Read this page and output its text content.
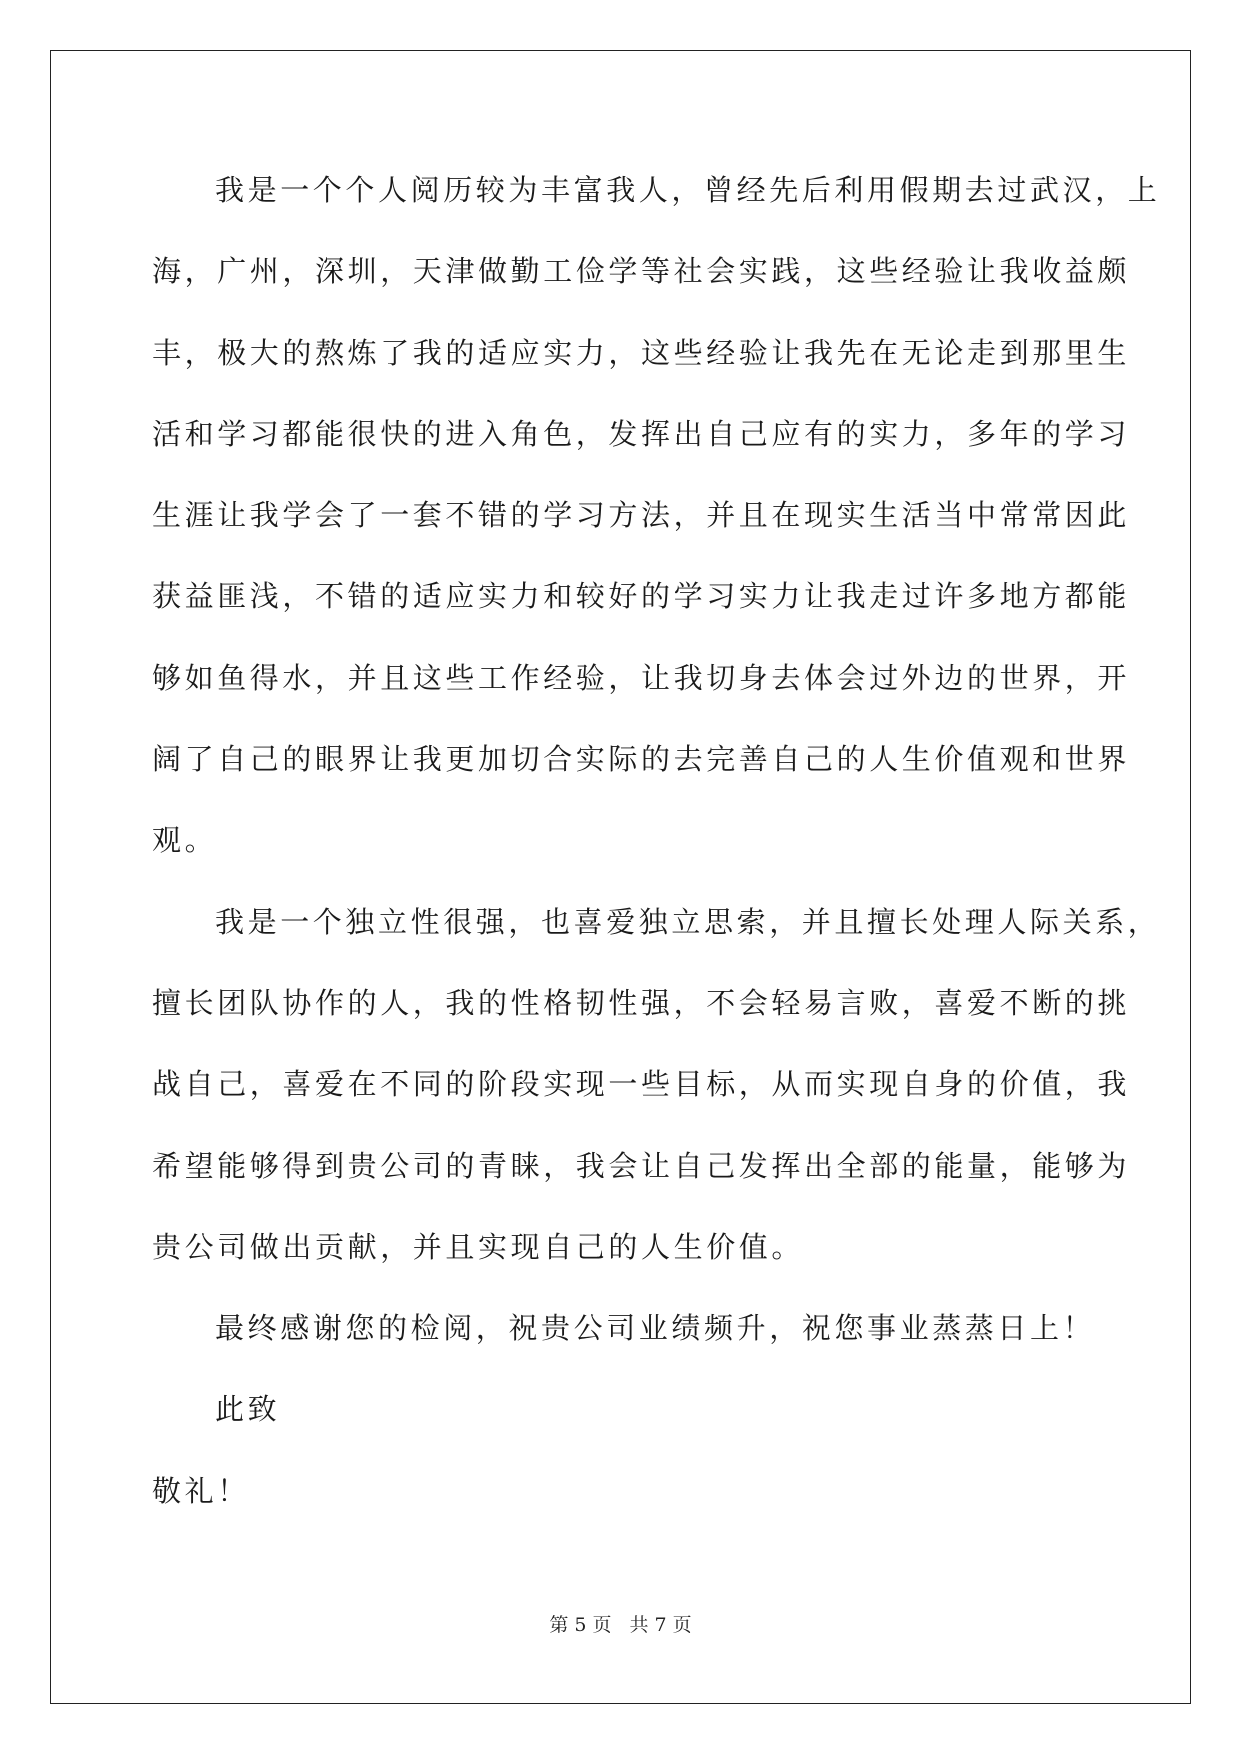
我是一个个人阅历较为丰富我人，曾经先后利用假期去过武汉，上
海，广州，深圳，天津做勤工俭学等社会实践，这些经验让我收益颇
丰，极大的熬炼了我的适应实力，这些经验让我先在无论走到那里生
活和学习都能很快的进入角色，发挥出自己应有的实力，多年的学习
生涯让我学会了一套不错的学习方法，并且在现实生活当中常常因此
获益匪浅，不错的适应实力和较好的学习实力让我走过许多地方都能
够如鱼得水，并且这些工作经验，让我切身去体会过外边的世界，开
阔了自己的眼界让我更加切合实际的去完善自己的人生价值观和世界
观。
我是一个独立性很强，也喜爱独立思索，并且擅长处理人际关系，
擅长团队协作的人，我的性格韧性强，不会轻易言败，喜爱不断的挑
战自己，喜爱在不同的阶段实现一些目标，从而实现自身的价值，我
希望能够得到贵公司的青睐，我会让自己发挥出全部的能量，能够为
贵公司做出贡献，并且实现自己的人生价值。
最终感谢您的检阅，祝贵公司业绩频升，祝您事业蒸蒸日上！
此致
敬礼！
第 5 页 共 7 页
